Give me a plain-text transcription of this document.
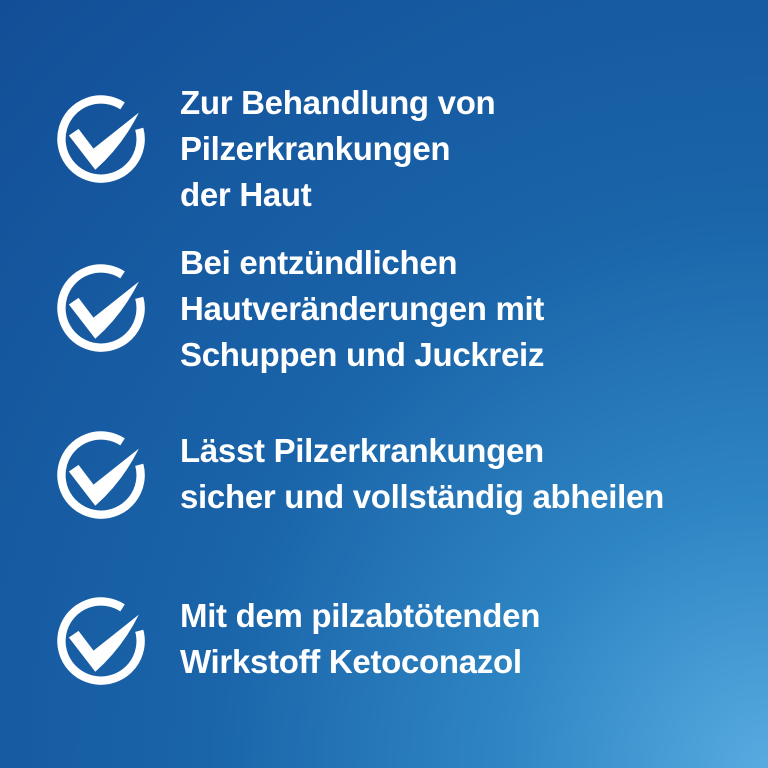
Zur Behandlung von
Pilzerkrankungen
der Haut
Bei entzündlichen
Hautveränderungen mit
Schuppen und Juckreiz
Lässt Pilzerkrankungen
sicher und vollständig abheilen
Mit dem pilzabtötenden
Wirkstoff Ketoconazol
